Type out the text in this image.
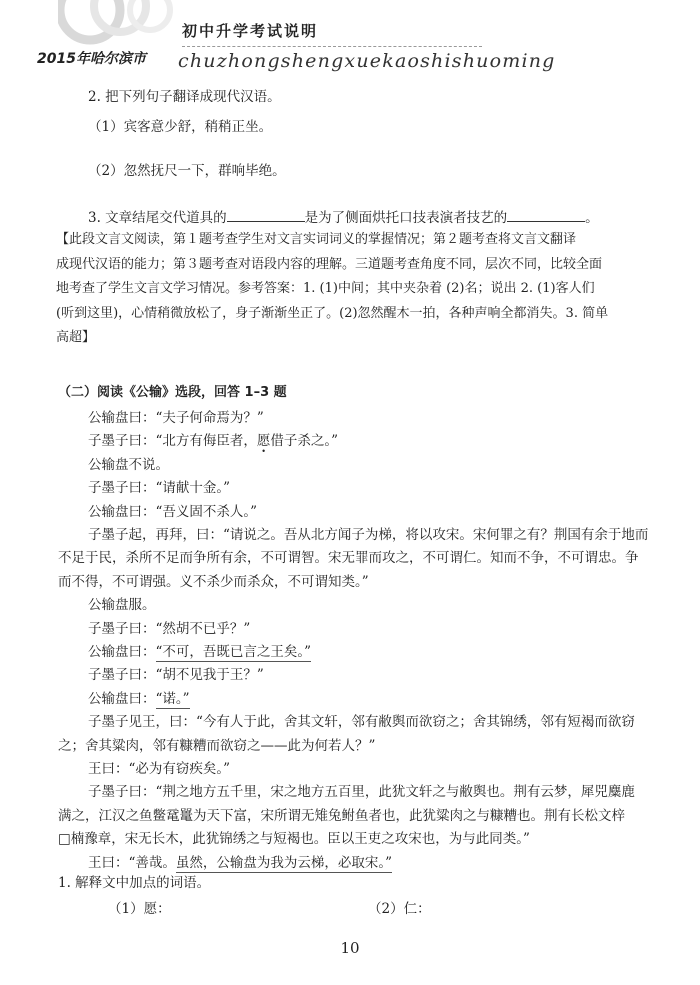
初中升学考试说明
2015年哈尔滨市 chuzhongshengxuekaoshishuoming
2. 把下列句子翻译成现代汉语。
（1）宾客意少舒，稍稍正坐。
（2）忽然抚尺一下，群响毕绝。
3. 文章结尾交代道具的	是为了侧面烘托口技表演者技艺的	。
【此段文言文阅读，第１题考查学生对文言实词词义的掌握情况；第２题考查将文言文翻译
成现代汉语的能力；第３题考查对语段内容的理解。三道题考查角度不同，层次不同，比较全面
地考查了学生文言文学习情况。参考答案：1. (1)中间；其中夹杂着 (2)名；说出 2. (1)客人们
(听到这里)，心情稍微放松了，身子渐渐坐正了。(2)忽然醒木一拍，各种声响全都消失。3. 简单
高超】
（二）阅读《公输》选段，回答 1–3 题
公输盘曰：“夫子何命焉为？”
子墨子曰：“北方有侮臣者，愿借子杀之。”
公输盘不说。
子墨子曰：“请献十金。”
公输盘曰：“吾义固不杀人。”
子墨子起，再拜，曰：“请说之。吾从北方闻子为梯，将以攻宋。宋何罪之有？荆国有余于地而
不足于民，杀所不足而争所有余，不可谓智。宋无罪而攻之，不可谓仁。知而不争，不可谓忠。争
而不得，不可谓强。义不杀少而杀众，不可谓知类。”
公输盘服。
子墨子曰：“然胡不已乎？”
公输盘曰：“不可，吾既已言之王矣。”
子墨子曰：“胡不见我于王？”
公输盘曰：“诺。”
子墨子见王，曰：“今有人于此，舍其文轩，邻有敝舆而欲窃之；舍其锦绣，邻有短褐而欲窃
之；舍其粱肉，邻有糠糟而欲窃之——此为何若人？”
王曰：“必为有窃疾矣。”
子墨子曰：“荆之地方五千里，宋之地方五百里，此犹文轩之与敝舆也。荆有云梦，犀兕麋鹿
满之，江汉之鱼鳖鼋鼍为天下富，宋所谓无雉兔鲋鱼者也，此犹粱肉之与糠糟也。荆有长松文梓
□楠豫章，宋无长木，此犹锦绣之与短褐也。臣以王吏之攻宋也，为与此同类。”
王曰：“善哉。虽然，公输盘为我为云梯，必取宋。”
10
1. 解释文中加点的词语。
（1）愿：	（2）仁：
